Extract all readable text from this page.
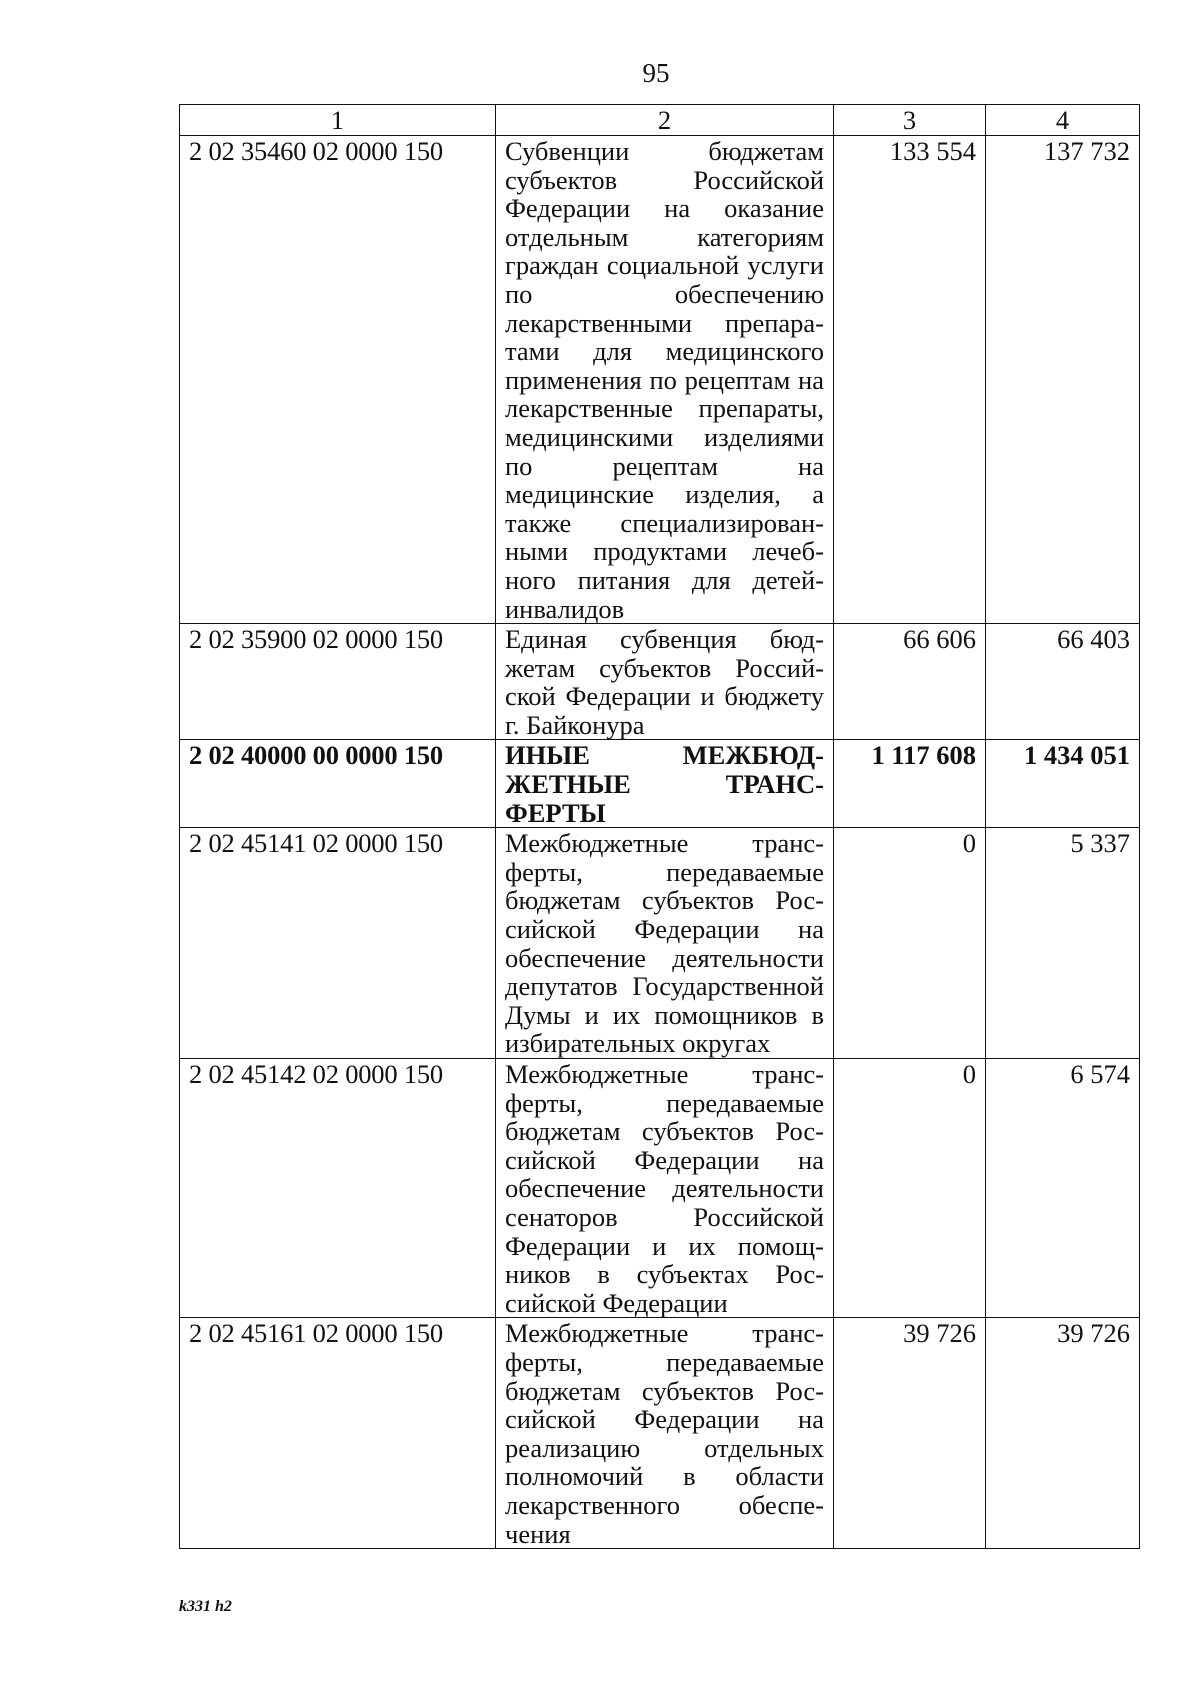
95
1	2	3	4
2 02 35460 02 0000 150	Субвенции бюджетам субъектов Российской Федерации на оказание отдельным категориям граждан социальной услуги по обеспечению лекарственными препаратами для медицинского применения по рецептам на лекарственные препараты, медицинскими изделиями по рецептам на медицинские изделия, а также специализированными продуктами лечебного питания для детей-инвалидов	133 554	137 732
2 02 35900 02 0000 150	Единая субвенция бюджетам субъектов Российской Федерации и бюджету г. Байконура	66 606	66 403
2 02 40000 00 0000 150	ИНЫЕ МЕЖБЮДЖЕТНЫЕ ТРАНСФЕРТЫ	1 117 608	1 434 051
2 02 45141 02 0000 150	Межбюджетные трансферты, передаваемые бюджетам субъектов Российской Федерации на обеспечение деятельности депутатов Государственной Думы и их помощников в избирательных округах	0	5 337
2 02 45142 02 0000 150	Межбюджетные трансферты, передаваемые бюджетам субъектов Российской Федерации на обеспечение деятельности сенаторов Российской Федерации и их помощников в субъектах Российской Федерации	0	6 574
2 02 45161 02 0000 150	Межбюджетные трансферты, передаваемые бюджетам субъектов Российской Федерации на реализацию отдельных полномочий в области лекарственного обеспечения	39 726	39 726
k331 h2
